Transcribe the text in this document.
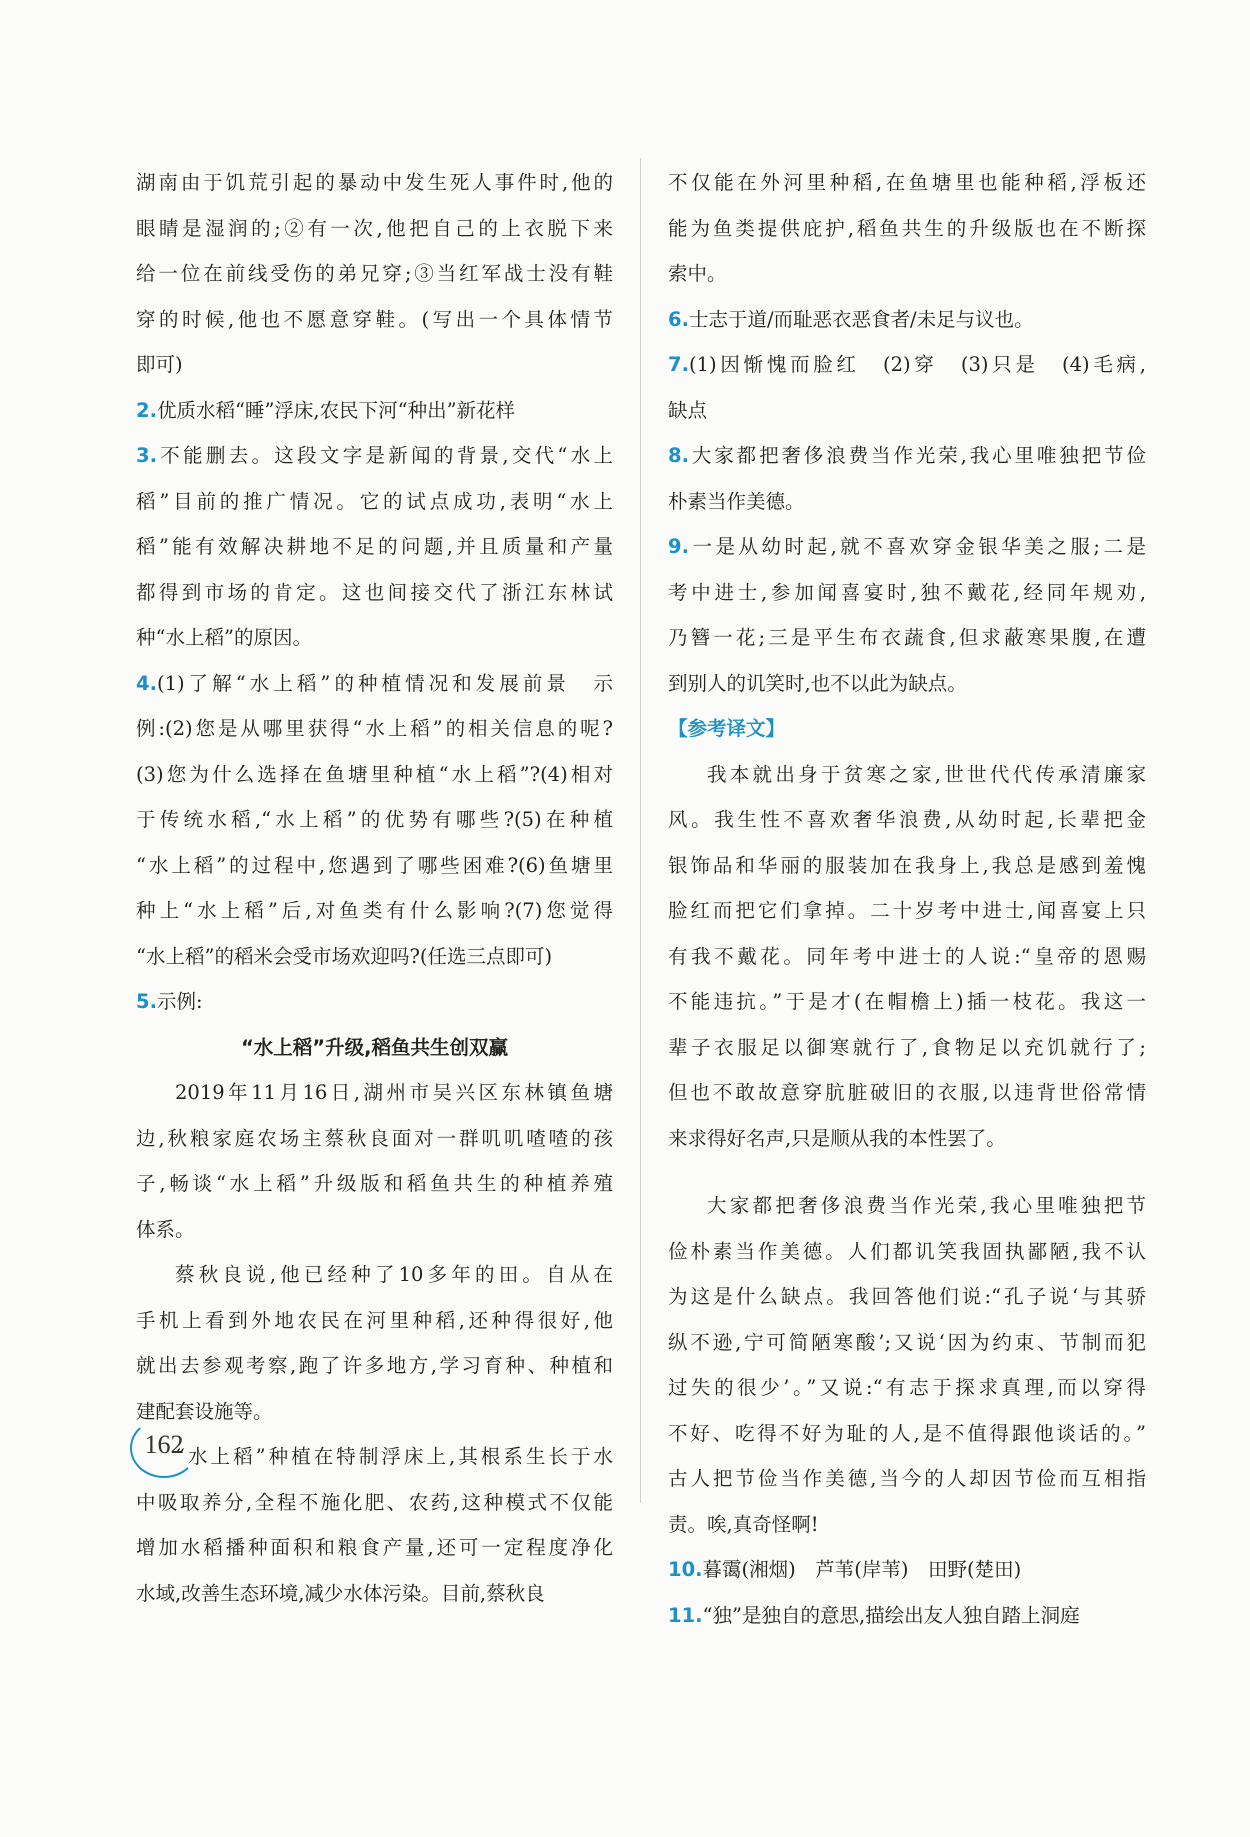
湖南由于饥荒引起的暴动中发生死人事件时,他的
眼睛是湿润的;②有一次,他把自己的上衣脱下来
给一位在前线受伤的弟兄穿;③当红军战士没有鞋
穿的时候,他也不愿意穿鞋。(写出一个具体情节
即可)
2.优质水稻“睡”浮床,农民下河“种出”新花样
3.不能删去。这段文字是新闻的背景,交代“水上
稻”目前的推广情况。它的试点成功,表明“水上
稻”能有效解决耕地不足的问题,并且质量和产量
都得到市场的肯定。这也间接交代了浙江东林试
种“水上稻”的原因。
4.(1)了解“水上稻”的种植情况和发展前景　示
例:(2)您是从哪里获得“水上稻”的相关信息的呢?
(3)您为什么选择在鱼塘里种植“水上稻”?(4)相对
于传统水稻,“水上稻”的优势有哪些?(5)在种植
“水上稻”的过程中,您遇到了哪些困难?(6)鱼塘里
种上“水上稻”后,对鱼类有什么影响?(7)您觉得
“水上稻”的稻米会受市场欢迎吗?(任选三点即可)
5.示例:
“水上稻”升级,稻鱼共生创双赢
2019年11月16日,湖州市吴兴区东林镇鱼塘
边,秋粮家庭农场主蔡秋良面对一群叽叽喳喳的孩
子,畅谈“水上稻”升级版和稻鱼共生的种植养殖
体系。
蔡秋良说,他已经种了10多年的田。自从在
手机上看到外地农民在河里种稻,还种得很好,他
就出去参观考察,跑了许多地方,学习育种、种植和
建配套设施等。
“水上稻”种植在特制浮床上,其根系生长于水
中吸取养分,全程不施化肥、农药,这种模式不仅能
增加水稻播种面积和粮食产量,还可一定程度净化
水域,改善生态环境,减少水体污染。目前,蔡秋良
不仅能在外河里种稻,在鱼塘里也能种稻,浮板还
能为鱼类提供庇护,稻鱼共生的升级版也在不断探
索中。
6.士志于道/而耻恶衣恶食者/未足与议也。
7.(1)因惭愧而脸红　(2)穿　(3)只是　(4)毛病,
缺点
8.大家都把奢侈浪费当作光荣,我心里唯独把节俭
朴素当作美德。
9.一是从幼时起,就不喜欢穿金银华美之服;二是
考中进士,参加闻喜宴时,独不戴花,经同年规劝,
乃簪一花;三是平生布衣蔬食,但求蔽寒果腹,在遭
到别人的讥笑时,也不以此为缺点。
【参考译文】
我本就出身于贫寒之家,世世代代传承清廉家
风。我生性不喜欢奢华浪费,从幼时起,长辈把金
银饰品和华丽的服装加在我身上,我总是感到羞愧
脸红而把它们拿掉。二十岁考中进士,闻喜宴上只
有我不戴花。同年考中进士的人说:“皇帝的恩赐
不能违抗。”于是才(在帽檐上)插一枝花。我这一
辈子衣服足以御寒就行了,食物足以充饥就行了;
但也不敢故意穿肮脏破旧的衣服,以违背世俗常情
来求得好名声,只是顺从我的本性罢了。
大家都把奢侈浪费当作光荣,我心里唯独把节
俭朴素当作美德。人们都讥笑我固执鄙陋,我不认
为这是什么缺点。我回答他们说:“孔子说‘与其骄
纵不逊,宁可简陋寒酸’;又说‘因为约束、节制而犯
过失的很少’。”又说:“有志于探求真理,而以穿得
不好、吃得不好为耻的人,是不值得跟他谈话的。”
古人把节俭当作美德,当今的人却因节俭而互相指
责。唉,真奇怪啊!
10.暮霭(湘烟)　芦苇(岸苇)　田野(楚田)
11.“独”是独自的意思,描绘出友人独自踏上洞庭
162
